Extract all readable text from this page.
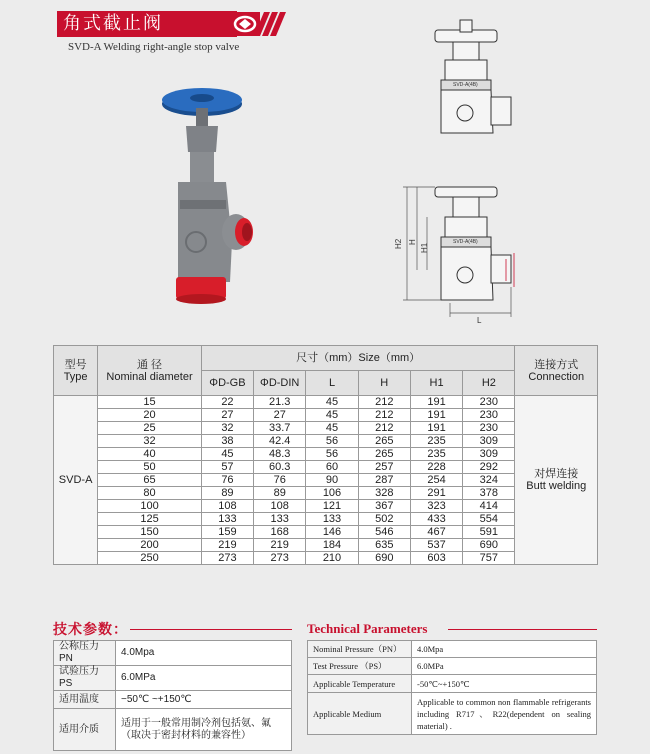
角式截止阀
SVD-A Welding right-angle stop valve
SVD-A(4B)
SVD-A(4B)
H2 H
H1
L
型号
Type	通 径
Nominal diameter	尺寸（mm）Size（mm）						连接方式
Connection
		ΦD-GB	ΦD-DIN	L	H	H1	H2	
SVD-A	15	22	21.3	45	212	191	230	对焊连接
Butt welding
	20	27	27	45	212	191	230	
	25	32	33.7	45	212	191	230	
	32	38	42.4	56	265	235	309	
	40	45	48.3	56	265	235	309	
	50	57	60.3	60	257	228	292	
	65	76	76	90	287	254	324	
	80	89	89	106	328	291	378	
	100	108	108	121	367	323	414	
	125	133	133	133	502	433	554	
	150	159	168	146	546	467	591	
	200	219	219	184	635	537	690	
	250	273	273	210	690	603	757	
技术参数：
公称压力 PN	4.0Mpa
试验压力 PS	6.0MPa
适用温度	−50℃ ~+150℃
适用介质	适用于一般常用制冷剂包括氨、氟（取决于密封材料的兼容性）
Technical Parameters
Nominal Pressure（PN）	4.0Mpa
Test Pressure （PS）	6.0MPa
Applicable Temperature	-50℃~+150℃
Applicable Medium	Applicable to common non flammable refrigerants including R717、R22(dependent on sealing material) .
